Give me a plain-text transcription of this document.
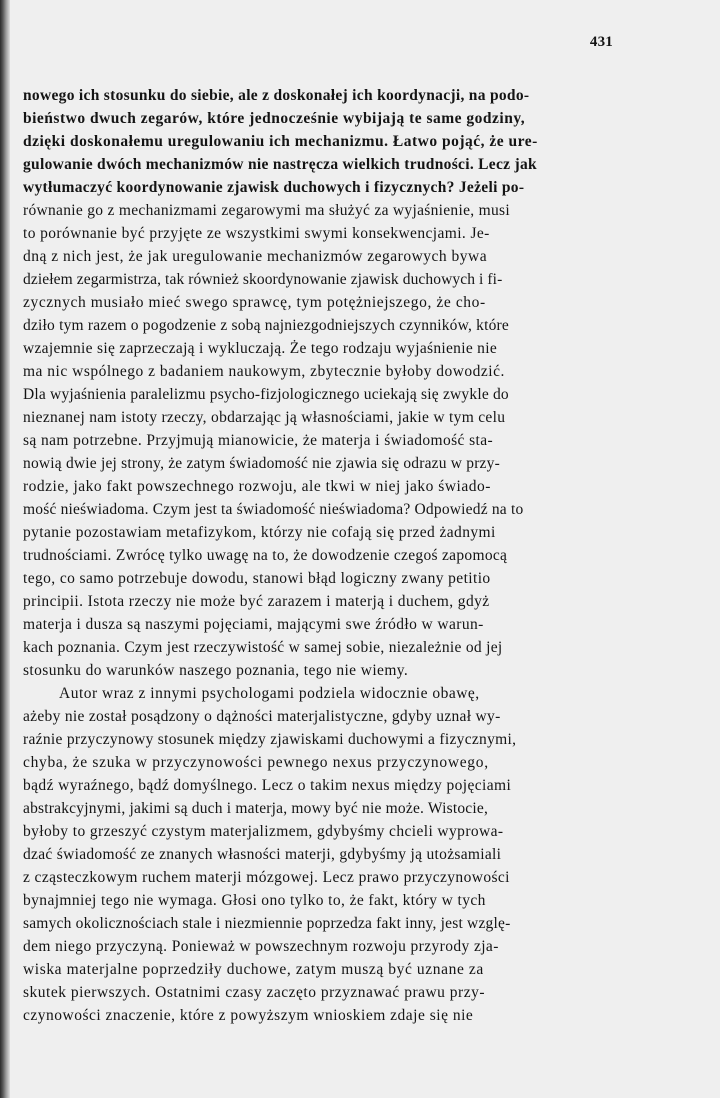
431
nowego ich stosunku do siebie, ale z doskonałej ich koordynacji, na podo-
bieństwo dwuch zegarów, które jednocześnie wybijają te same godziny,
dzięki doskonałemu uregulowaniu ich mechanizmu. Łatwo pojąć, że ure-
gulowanie dwóch mechanizmów nie nastręcza wielkich trudności. Lecz jak
wytłumaczyć koordynowanie zjawisk duchowych i fizycznych? Jeżeli po-
równanie go z mechanizmami zegarowymi ma służyć za wyjaśnienie, musi
to porównanie być przyjęte ze wszystkimi swymi konsekwencjami. Je-
dną z nich jest, że jak uregulowanie mechanizmów zegarowych bywa
dziełem zegarmistrza, tak również skoordynowanie zjawisk duchowych i fi-
zycznych musiało mieć swego sprawcę, tym potężniejszego, że cho-
dziło tym razem o pogodzenie z sobą najniezgodniejszych czynników, które
wzajemnie się zaprzeczają i wykluczają. Że tego rodzaju wyjaśnienie nie
ma nic wspólnego z badaniem naukowym, zbytecznie byłoby dowodzić.
Dla wyjaśnienia paralelizmu psycho-fizjologicznego uciekają się zwykle do
nieznanej nam istoty rzeczy, obdarzając ją własnościami, jakie w tym celu
są nam potrzebne. Przyjmują mianowicie, że materja i świadomość sta-
nowią dwie jej strony, że zatym świadomość nie zjawia się odrazu w przy-
rodzie, jako fakt powszechnego rozwoju, ale tkwi w niej jako świado-
mość nieświadoma. Czym jest ta świadomość nieświadoma? Odpowiedź na to
pytanie pozostawiam metafizykom, którzy nie cofają się przed żadnymi
trudnościami. Zwrócę tylko uwagę na to, że dowodzenie czegoś zapomocą
tego, co samo potrzebuje dowodu, stanowi błąd logiczny zwany petitio
principii. Istota rzeczy nie może być zarazem i materją i duchem, gdyż
materja i dusza są naszymi pojęciami, mającymi swe źródło w warun-
kach poznania. Czym jest rzeczywistość w samej sobie, niezależnie od jej
stosunku do warunków naszego poznania, tego nie wiemy.
Autor wraz z innymi psychologami podziela widocznie obawę,
ażeby nie został posądzony o dążności materjalistyczne, gdyby uznał wy-
raźnie przyczynowy stosunek między zjawiskami duchowymi a fizycznymi,
chyba, że szuka w przyczynowości pewnego nexus przyczynowego,
bądź wyraźnego, bądź domyślnego. Lecz o takim nexus między pojęciami
abstrakcyjnymi, jakimi są duch i materja, mowy być nie może. Wistocie,
byłoby to grzeszyć czystym materjalizmem, gdybyśmy chcieli wyprowa-
dzać świadomość ze znanych własności materji, gdybyśmy ją utożsamiali
z cząsteczkowym ruchem materji mózgowej. Lecz prawo przyczynowości
bynajmniej tego nie wymaga. Głosi ono tylko to, że fakt, który w tych
samych okolicznościach stale i niezmiennie poprzedza fakt inny, jest wzglę-
dem niego przyczyną. Ponieważ w powszechnym rozwoju przyrody zja-
wiska materjalne poprzedziły duchowe, zatym muszą być uznane za
skutek pierwszych. Ostatnimi czasy zaczęto przyznawać prawu przy-
czynowości znaczenie, które z powyższym wnioskiem zdaje się nie
